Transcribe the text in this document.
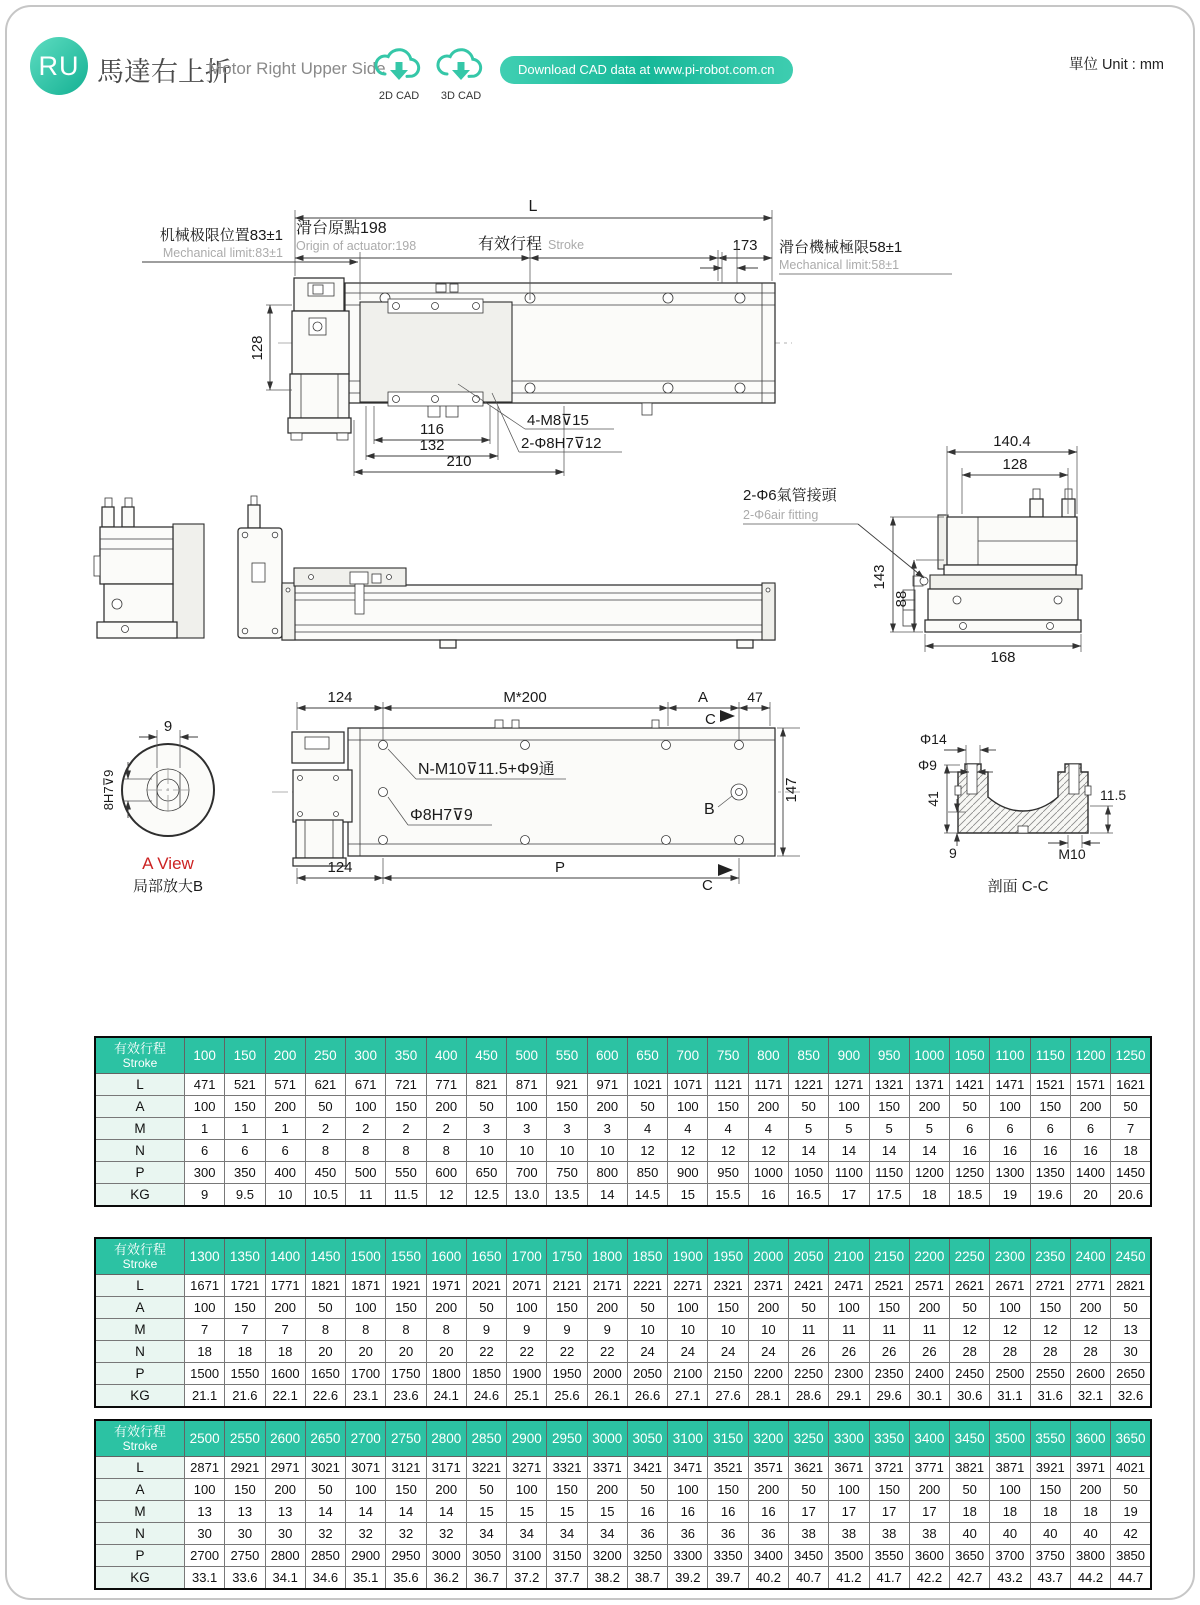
RU 馬達右上折
Motor Right Upper Side
2D CAD	3D CAD
Download CAD data at www.pi-robot.com.cn	單位 Unit : mm
L
滑台原點198
Origin of actuator:198	有效行程 Stroke	173
机械极限位置83±1
Mechanical limit:83±1	滑台機械極限58±1
Mechanical limit:58±1
128
116
132
210
4-M8⊽15
2-Φ8H7⊽12	140.4
128
143
88
168
2-Φ6氣管接頭
2-Φ6air fitting
9
8H7⊽9
A View
局部放大B
124	M*200	A	47
C
N-M10⊽11.5+Φ9通
Φ8H7⊽9	B
147
124	P
C
Φ14
Φ9
41
9
11.5
M10
剖面 C-C
有效行程
Stroke	100	150	200	250	300	350	400	450	500	550	600	650	700	750	800	850	900	950	1000	1050	1100	1150	1200	1250
L	471	521	571	621	671	721	771	821	871	921	971	1021	1071	1121	1171	1221	1271	1321	1371	1421	1471	1521	1571	1621
A	100	150	200	50	100	150	200	50	100	150	200	50	100	150	200	50	100	150	200	50	100	150	200	50
M	1	1	1	2	2	2	2	3	3	3	3	4	4	4	4	5	5	5	5	6	6	6	6	7
N	6	6	6	8	8	8	8	10	10	10	10	12	12	12	12	14	14	14	14	16	16	16	16	18
P	300	350	400	450	500	550	600	650	700	750	800	850	900	950	1000	1050	1100	1150	1200	1250	1300	1350	1400	1450
KG	9	9.5	10	10.5	11	11.5	12	12.5	13.0	13.5	14	14.5	15	15.5	16	16.5	17	17.5	18	18.5	19	19.6	20	20.6
有效行程
Stroke	1300	1350	1400	1450	1500	1550	1600	1650	1700	1750	1800	1850	1900	1950	2000	2050	2100	2150	2200	2250	2300	2350	2400	2450
L	1671	1721	1771	1821	1871	1921	1971	2021	2071	2121	2171	2221	2271	2321	2371	2421	2471	2521	2571	2621	2671	2721	2771	2821
A	100	150	200	50	100	150	200	50	100	150	200	50	100	150	200	50	100	150	200	50	100	150	200	50
M	7	7	7	8	8	8	8	9	9	9	9	10	10	10	10	11	11	11	11	12	12	12	12	13
N	18	18	18	20	20	20	20	22	22	22	22	24	24	24	24	26	26	26	26	28	28	28	28	30
P	1500	1550	1600	1650	1700	1750	1800	1850	1900	1950	2000	2050	2100	2150	2200	2250	2300	2350	2400	2450	2500	2550	2600	2650
KG	21.1	21.6	22.1	22.6	23.1	23.6	24.1	24.6	25.1	25.6	26.1	26.6	27.1	27.6	28.1	28.6	29.1	29.6	30.1	30.6	31.1	31.6	32.1	32.6
有效行程
Stroke	2500	2550	2600	2650	2700	2750	2800	2850	2900	2950	3000	3050	3100	3150	3200	3250	3300	3350	3400	3450	3500	3550	3600	3650
L	2871	2921	2971	3021	3071	3121	3171	3221	3271	3321	3371	3421	3471	3521	3571	3621	3671	3721	3771	3821	3871	3921	3971	4021
A	100	150	200	50	100	150	200	50	100	150	200	50	100	150	200	50	100	150	200	50	100	150	200	50
M	13	13	13	14	14	14	14	15	15	15	15	16	16	16	16	17	17	17	17	18	18	18	18	19
N	30	30	30	32	32	32	32	34	34	34	34	36	36	36	36	38	38	38	38	40	40	40	40	42
P	2700	2750	2800	2850	2900	2950	3000	3050	3100	3150	3200	3250	3300	3350	3400	3450	3500	3550	3600	3650	3700	3750	3800	3850
KG	33.1	33.6	34.1	34.6	35.1	35.6	36.2	36.7	37.2	37.7	38.2	38.7	39.2	39.7	40.2	40.7	41.2	41.7	42.2	42.7	43.2	43.7	44.2	44.7
